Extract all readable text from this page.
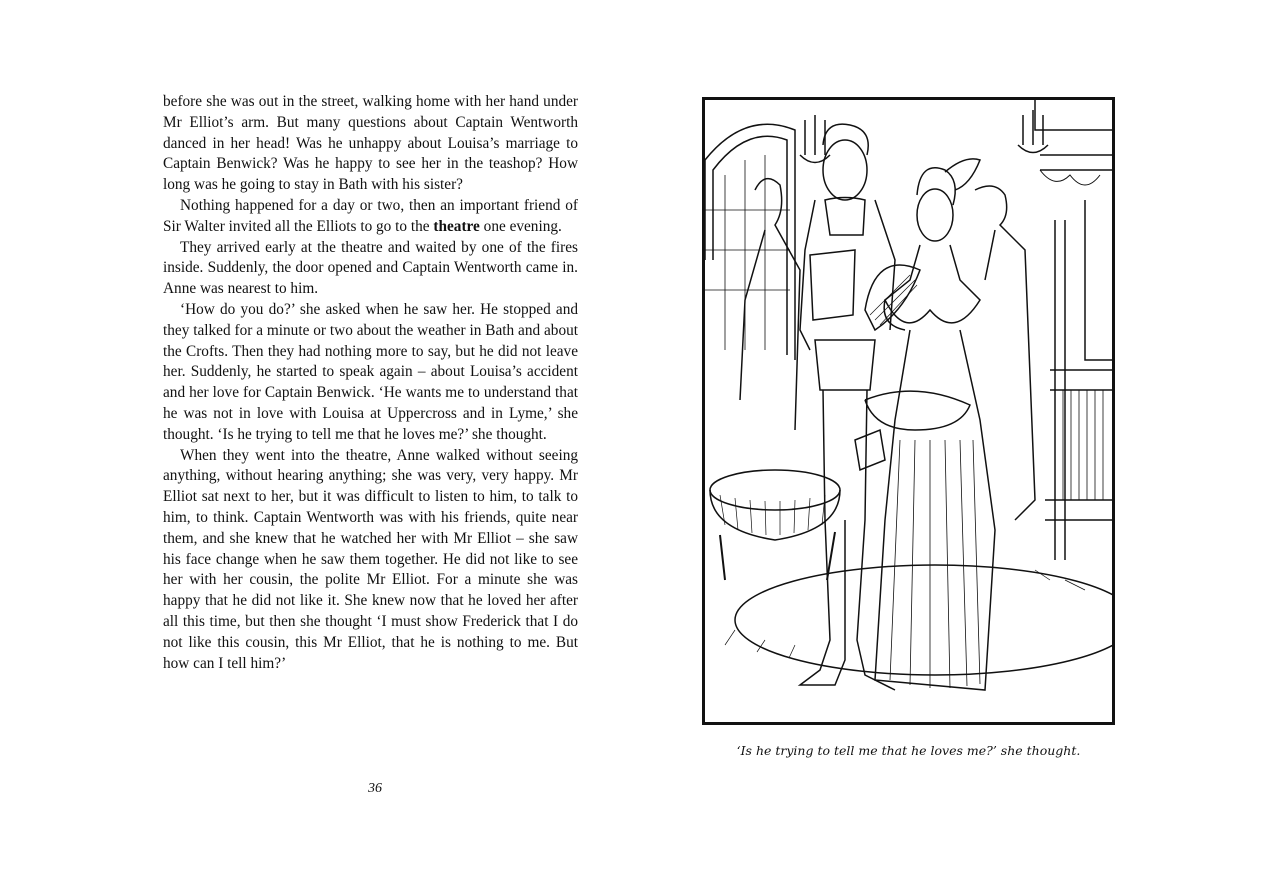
before she was out in the street, walking home with her hand under Mr Elliot’s arm. But many questions about Captain Wentworth danced in her head! Was he unhappy about Louisa’s marriage to Captain Benwick? Was he happy to see her in the teashop? How long was he going to stay in Bath with his sister?

Nothing happened for a day or two, then an important friend of Sir Walter invited all the Elliots to go to the theatre one evening.

They arrived early at the theatre and waited by one of the fires inside. Suddenly, the door opened and Captain Wentworth came in. Anne was nearest to him.

‘How do you do?’ she asked when he saw her. He stopped and they talked for a minute or two about the weather in Bath and about the Crofts. Then they had nothing more to say, but he did not leave her. Suddenly, he started to speak again – about Louisa’s accident and her love for Captain Benwick. ‘He wants me to understand that he was not in love with Louisa at Uppercross and in Lyme,’ she thought. ‘Is he trying to tell me that he loves me?’ she thought.

When they went into the theatre, Anne walked without seeing anything, without hearing anything; she was very, very happy. Mr Elliot sat next to her, but it was difficult to listen to him, to talk to him, to think. Captain Wentworth was with his friends, quite near them, and she knew that he watched her with Mr Elliot – she saw his face change when he saw them together. He did not like to see her with her cousin, the polite Mr Elliot. For a minute she was happy that he did not like it. She knew now that he loved her after all this time, but then she thought ‘I must show Frederick that I do not like this cousin, this Mr Elliot, that he is nothing to me. But how can I tell him?’

36
‘Is he trying to tell me that he loves me?’ she thought.
